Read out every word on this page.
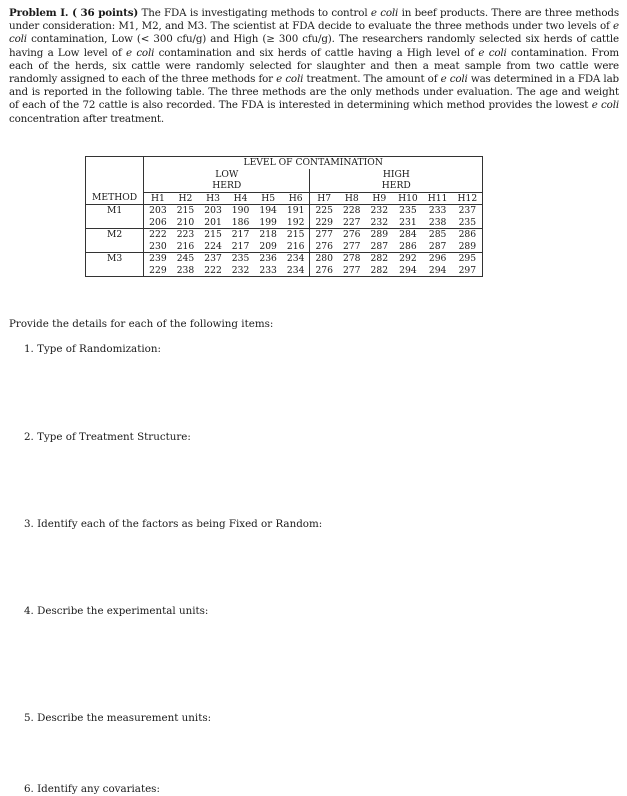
Problem I. ( 36 points) The FDA is investigating methods to control e coli in beef products. There are three methods under consideration: M1, M2, and M3. The scientist at FDA decide to evaluate the three methods under two levels of e coli contamination, Low (< 300 cfu/g) and High (≥ 300 cfu/g). The researchers randomly selected six herds of cattle having a Low level of e coli contamination and six herds of cattle having a High level of e coli contamination. From each of the herds, six cattle were randomly selected for slaughter and then a meat sample from two cattle were randomly assigned to each of the three methods for e coli treatment. The amount of e coli was determined in a FDA lab and is reported in the following table. The three methods are the only methods under evaluation. The age and weight of each of the 72 cattle is also recorded. The FDA is interested in determining which method provides the lowest e coli concentration after treatment.
	LEVEL OF CONTAMINATION											
	LOW						HIGH					
	HERD						HERD					
METHOD	H1	H2	H3	H4	H5	H6	H7	H8	H9	H10	H11	H12
M1	203	215	203	190	194	191	225	228	232	235	233	237
	206	210	201	186	199	192	229	227	232	231	238	235
M2	222	223	215	217	218	215	277	276	289	284	285	286
	230	216	224	217	209	216	276	277	287	286	287	289
M3	239	245	237	235	236	234	280	278	282	292	296	295
	229	238	222	232	233	234	276	277	282	294	294	297
Provide the details for each of the following items:
1. Type of Randomization:
2. Type of Treatment Structure:
3. Identify each of the factors as being Fixed or Random:
4. Describe the experimental units:
5. Describe the measurement units:
6. Identify any covariates:
